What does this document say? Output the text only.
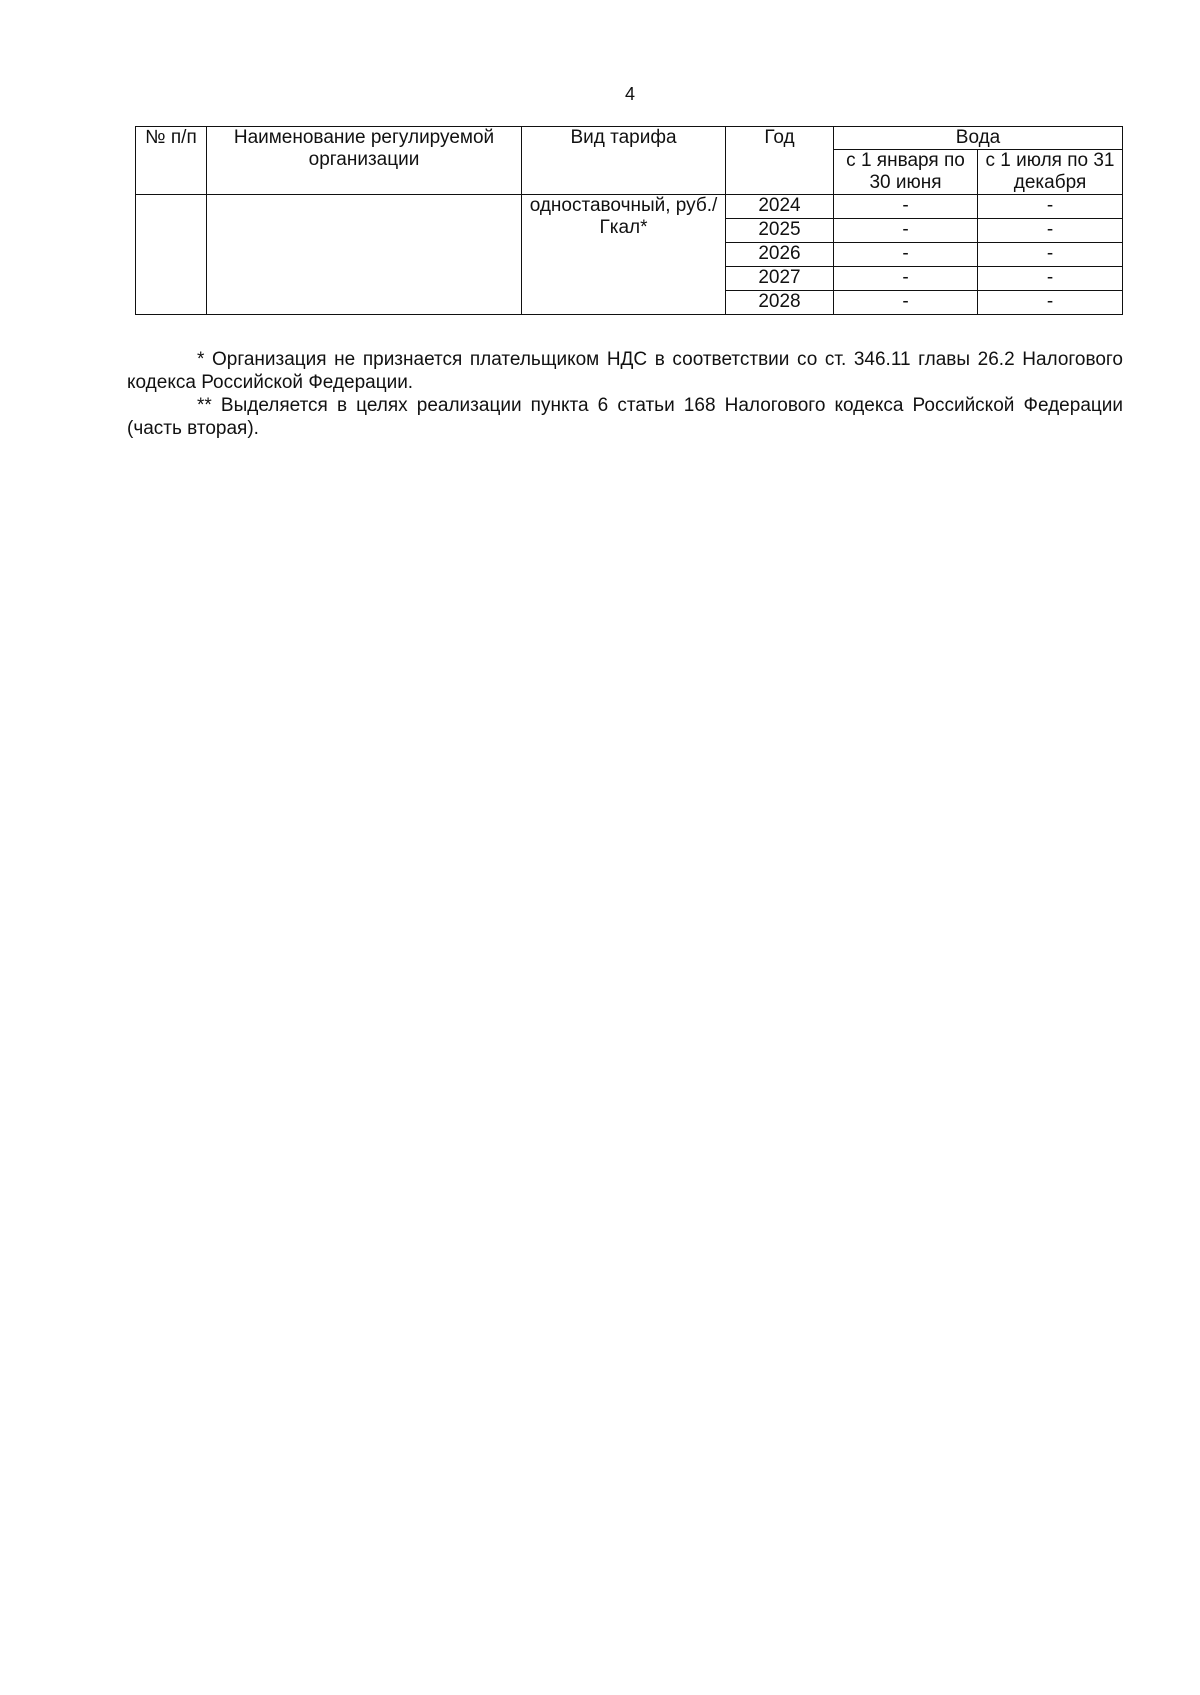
4
№ п/п	Наименование регулируемой организации	Вид тарифа	Год	Вода	
				с 1 января по 30 июня	с 1 июля по 31 декабря
		одноставочный, руб./Гкал*	2024	-	-
			2025	-	-
			2026	-	-
			2027	-	-
			2028	-	-

* Организация не признается плательщиком НДС в соответствии со ст. 346.11 главы 26.2 Налогового кодекса Российской Федерации.

** Выделяется в целях реализации пункта 6 статьи 168 Налогового кодекса Российской Федерации (часть вторая).
